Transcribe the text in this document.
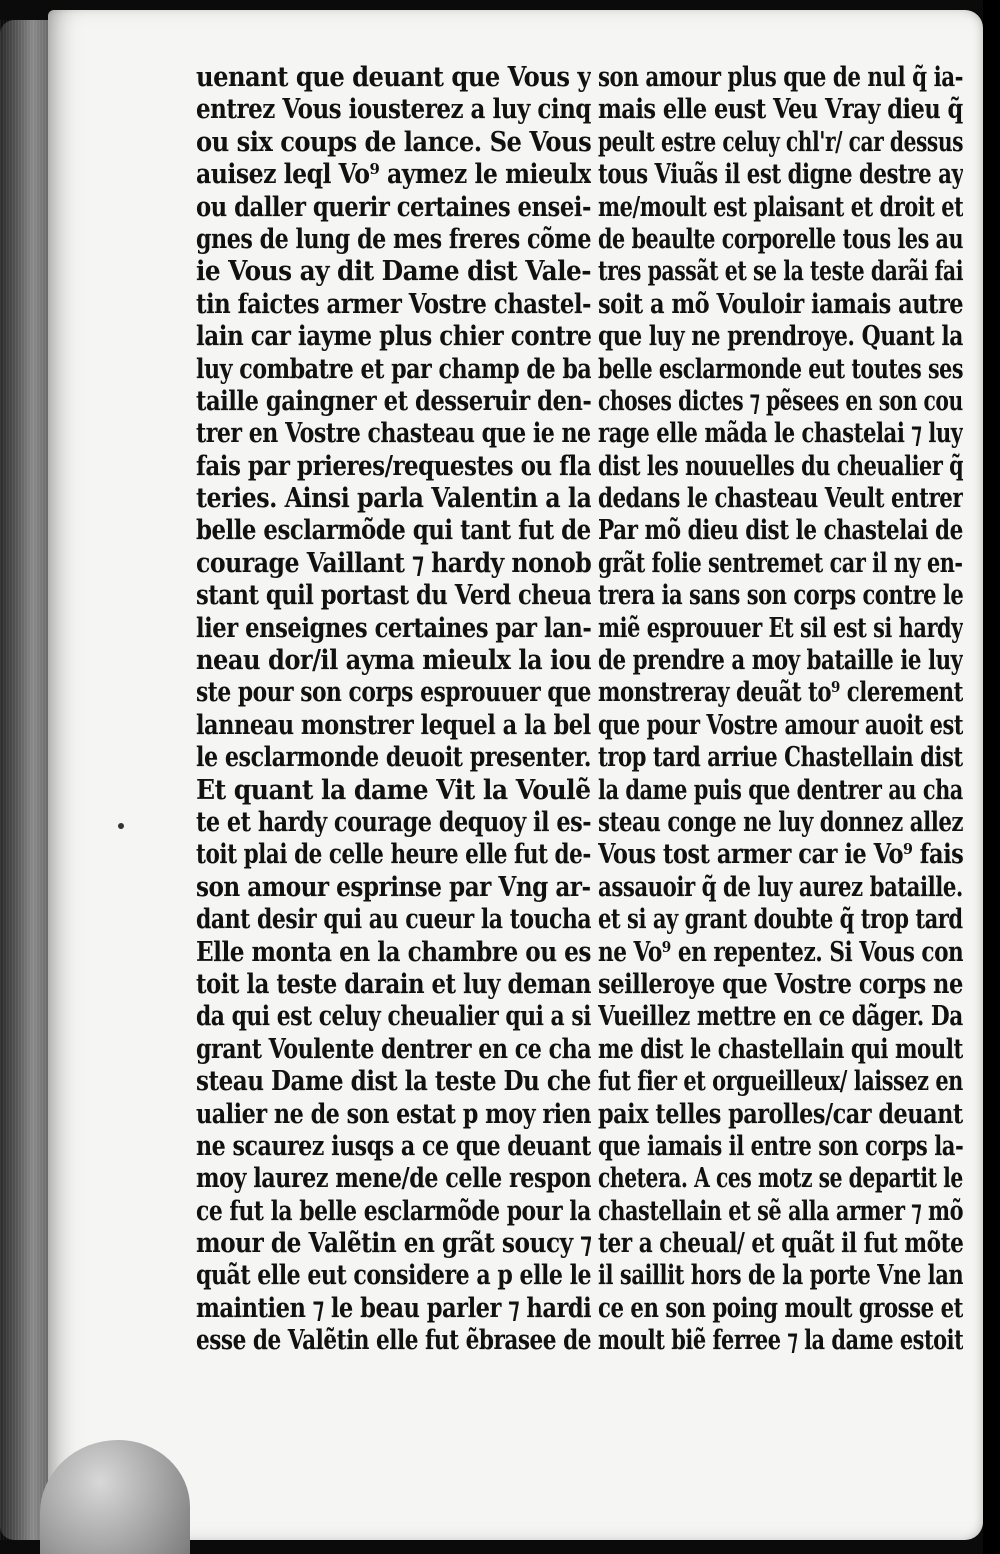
uenant que deuant que Vous y
entrez Vous iousterez a luy cinq
ou six coups de lance. Se Vous
auisez leql Vo⁹ aymez le mieulx
ou daller querir certaines ensei‑
gnes de lung de mes freres cõme
ie Vous ay dit Dame dist Vale‑
tin faictes armer Vostre chastel‑
lain car iayme plus chier contre
luy combatre et par champ de ba
taille gaingner et desseruir den‑
trer en Vostre chasteau que ie ne
fais par prieres/requestes ou fla
teries. Ainsi parla Valentin a la
belle esclarmõde qui tant fut de
courage Vaillant ⁊ hardy nonob
stant quil portast du Verd cheua
lier enseignes certaines par lan‑
neau dor/il ayma mieulx la iou
ste pour son corps esprouuer que
lanneau monstrer lequel a la bel
le esclarmonde deuoit presenter.
Et quant la dame Vit la Voulẽ
te et hardy courage dequoy il es‑
toit plai de celle heure elle fut de‑
son amour esprinse par Vng ar‑
dant desir qui au cueur la toucha
Elle monta en la chambre ou es
toit la teste darain et luy deman
da qui est celuy cheualier qui a si
grant Voulente dentrer en ce cha
steau Dame dist la teste Du che
ualier ne de son estat p moy rien
ne scaurez iusqs a ce que deuant
moy laurez mene/de celle respon
ce fut la belle esclarmõde pour la
mour de Valẽtin en grãt soucy ⁊
quãt elle eut considere a p elle le
maintien ⁊ le beau parler ⁊ hardi
esse de Valẽtin elle fut ẽbrasee de
son amour plus que de nul q̃ ia‑
mais elle eust Veu Vray dieu q̃
peult estre celuy chl'r/ car dessus
tous Viuãs il est digne destre ay
me/moult est plaisant et droit et
de beaulte corporelle tous les au
tres passãt et se la teste darãi fai
soit a mõ Vouloir iamais autre
que luy ne prendroye. Quant la
belle esclarmonde eut toutes ses
choses dictes ⁊ pẽsees en son cou
rage elle mãda le chastelai ⁊ luy
dist les nouuelles du cheualier q̃
dedans le chasteau Veult entrer
Par mõ dieu dist le chastelai de
grãt folie sentremet car il ny en‑
trera ia sans son corps contre le
miẽ esprouuer Et sil est si hardy
de prendre a moy bataille ie luy
monstreray deuãt to⁹ clerement
que pour Vostre amour auoit est
trop tard arriue Chastellain dist
la dame puis que dentrer au cha
steau conge ne luy donnez allez
Vous tost armer car ie Vo⁹ fais
assauoir q̃ de luy aurez bataille.
et si ay grant doubte q̃ trop tard
ne Vo⁹ en repentez. Si Vous con
seilleroye que Vostre corps ne
Vueillez mettre en ce dãger. Da
me dist le chastellain qui moult
fut fier et orgueilleux/ laissez en
paix telles parolles/car deuant
que iamais il entre son corps la‑
chetera. A ces motz se departit le
chastellain et sẽ alla armer ⁊ mõ
ter a cheual/ et quãt il fut mõte
il saillit hors de la porte Vne lan
ce en son poing moult grosse et
moult biẽ ferree ⁊ la dame estoit
